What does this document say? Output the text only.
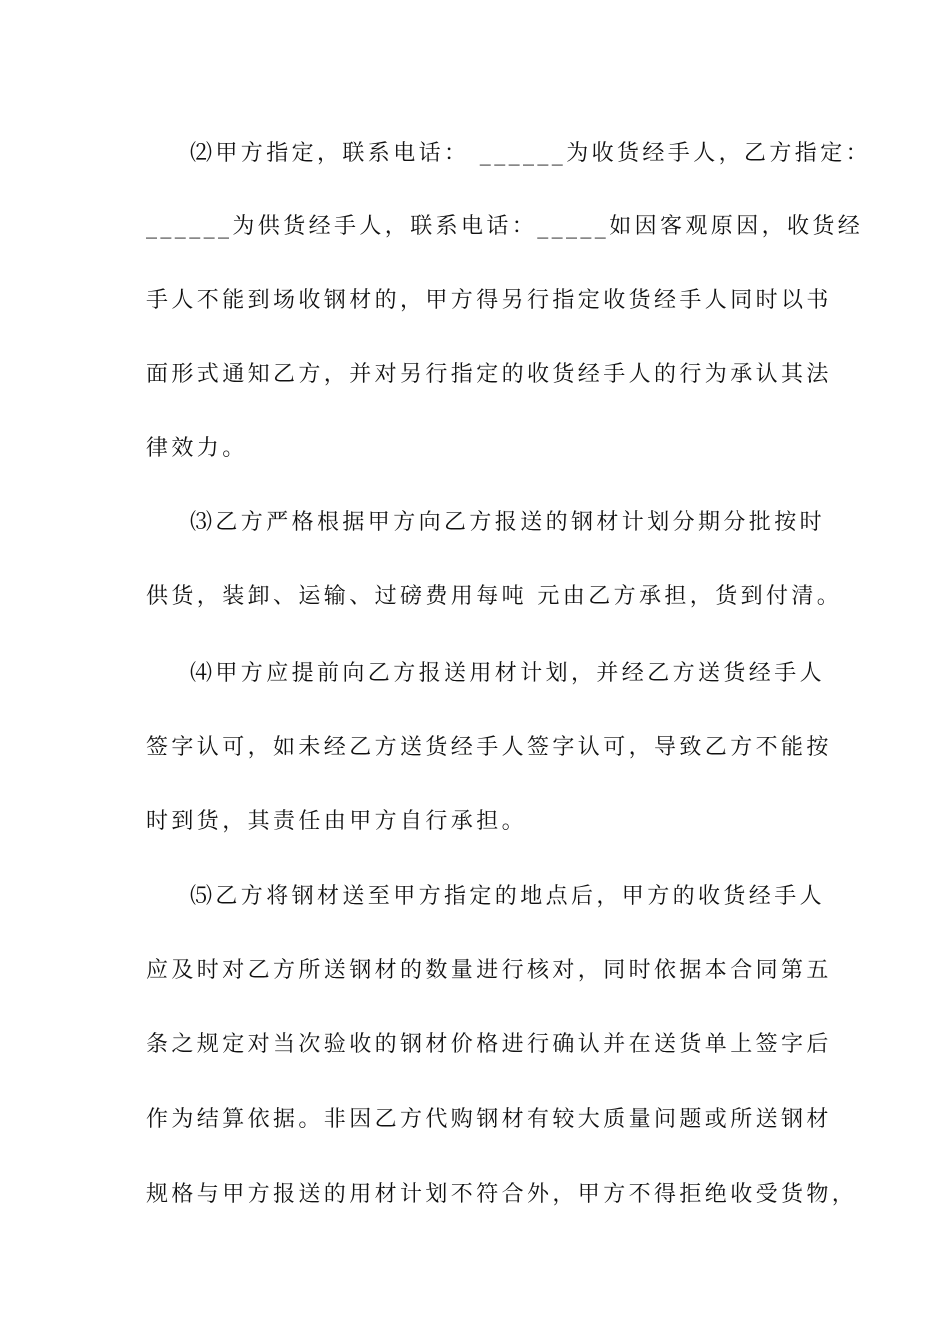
⑵甲方指定，联系电话： ______为收货经手人，乙方指定：
______为供货经手人，联系电话：_____如因客观原因，收货经
手人不能到场收钢材的，甲方得另行指定收货经手人同时以书
面形式通知乙方，并对另行指定的收货经手人的行为承认其法
律效力。
⑶乙方严格根据甲方向乙方报送的钢材计划分期分批按时
供货，装卸、运输、过磅费用每吨 元由乙方承担，货到付清。
⑷甲方应提前向乙方报送用材计划，并经乙方送货经手人
签字认可，如未经乙方送货经手人签字认可，导致乙方不能按
时到货，其责任由甲方自行承担。
⑸乙方将钢材送至甲方指定的地点后，甲方的收货经手人
应及时对乙方所送钢材的数量进行核对，同时依据本合同第五
条之规定对当次验收的钢材价格进行确认并在送货单上签字后
作为结算依据。非因乙方代购钢材有较大质量问题或所送钢材
规格与甲方报送的用材计划不符合外，甲方不得拒绝收受货物，
